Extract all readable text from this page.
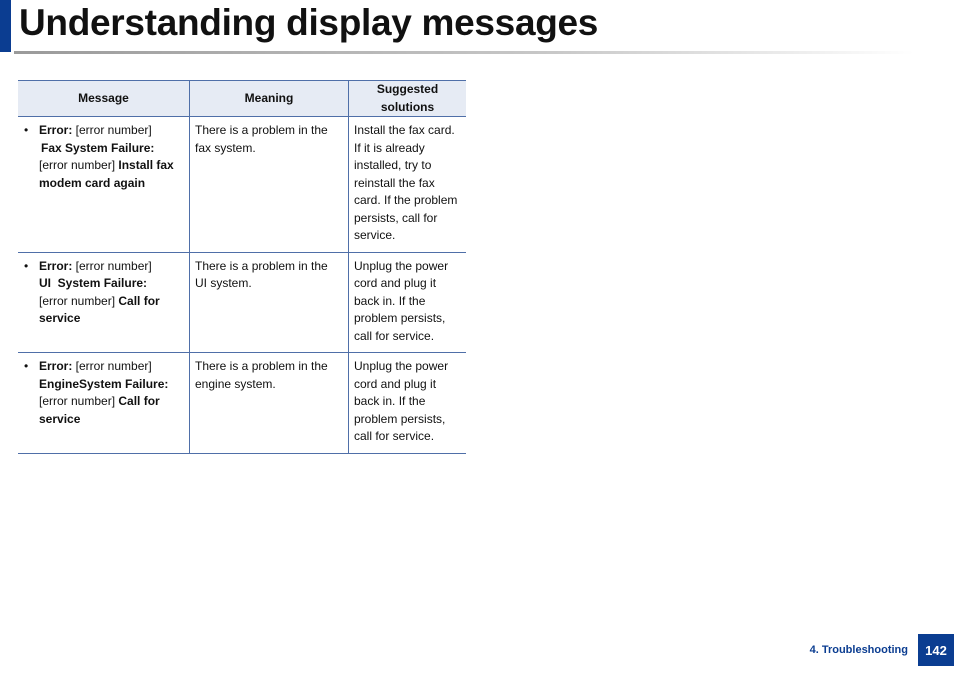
Understanding display messages
Message	Meaning	Suggested solutions

• Error: [error number]
Fax System Failure:
[error number] Install fax modem card again	There is a problem in the fax system.	Install the fax card. If it is already installed, try to reinstall the fax card. If the problem persists, call for service.

• Error: [error number]
UI  System Failure:
[error number] Call for service	There is a problem in the UI system.	Unplug the power cord and plug it back in. If the problem persists, call for service.

• Error: [error number]
EngineSystem Failure:
[error number] Call for service	There is a problem in the engine system.	Unplug the power cord and plug it back in. If the problem persists, call for service.
4. Troubleshooting	142
